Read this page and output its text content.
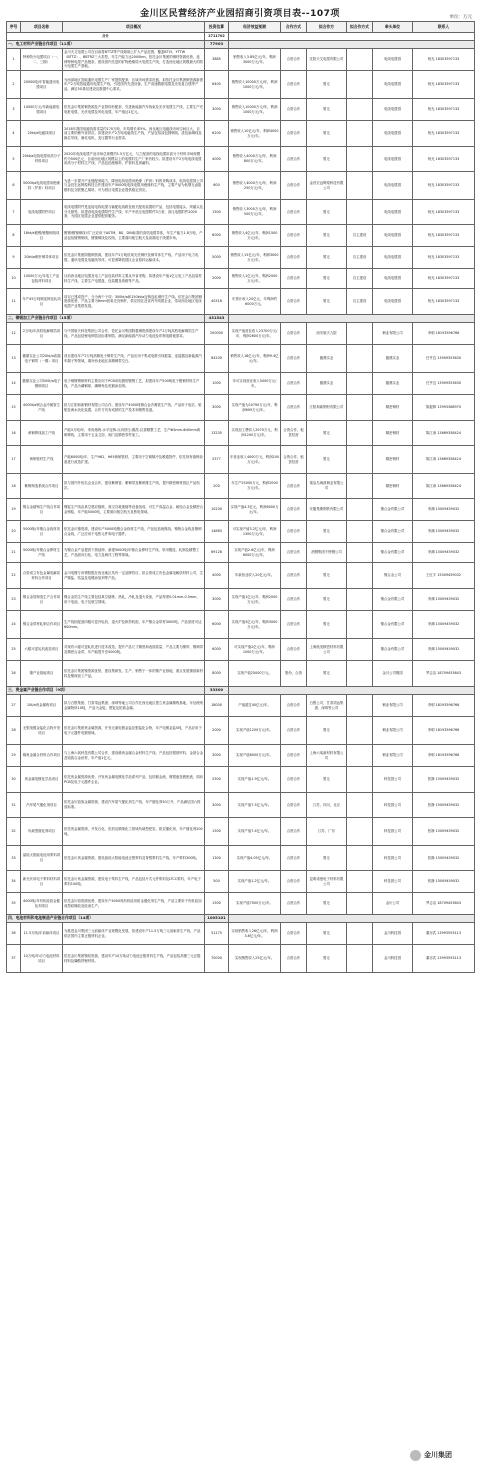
金川区民营经济产业园招商引资项目表--107项	单位：万元
序号	项目名称	项目概况	投资估算	经济效益预测	合作方式	拟合作方	拟合作方式	牵头单位	联系人
合计			2711702						
一、电工材料产业链合作项目（11项）			77903						
1	特种防火电缆项目（一、二、三期）	金川天艾电缆公司在目前将BTTZ等产线基础上扩大产品范围，覆盖BTLY、YTTW（BTTZ）、BBTRZ三大类型，年生产能力达2000km。依托金川集团的铜材资源优势，延伸特种电缆产品链条，建设国内先进的矿物绝缘防火电缆生产线，打造西北地区规模最大的防火电缆生产基地。	3885	销售收入3.85亿元/年，利润3000万元/年。	合资合作	沈阳天艾电缆有限公司		电线电缆园	杨光 18303597133
2	20000吨/年智能通讯电缆项目	为西部地区智能通讯电缆生产厂家提供配套，区域市场需求旺盛，拟依托金川集团铜资源新建年产2万吨智能通讯电缆生产线，引进国内先进设备，生产高速数据电缆及光电复合缆等产品，满足5G基站建设及数据中心需求。	6400	销售收入10000万元/年，利润1000万元/年。	合资合作	暂无		电线电缆园	杨光 18303597133
3	10000万元/年新能源电缆项目	依托金川集团铜资源及产业园现有配套，引进新能源汽车线束及光伏电缆生产线，主要生产充电桩电缆、光伏电缆及风电电缆，年产值达1亿元。	3000	销售收入10000万元/年，利润1000万元/年。	合资合作	暂无		电线电缆园	杨光 18303597133
4	20kt/a电磁线项目	2018年我国电磁线需求量约170万吨，年均增长率5%。西北地区电磁线市场空间巨大，目前主要依赖外省供应。拟建设年产2万吨电磁线生产线，产品包括漆包圆铜线、漆包扁铜线及换位导线，满足电机、变压器等行业需求。	6200	销售收入10亿元/年，利润4000万元/年。	合资合作	暂无		电线电缆园	杨光 18303597133
5	20kt/a电线电缆用高分子材料项目	2020年电线电缆产品市场总规模约1.5万亿元，与之配套的电线电缆用高分子材料市场规模约为500亿元，目前西北地区规模以上的电缆料生产厂家仍较少。拟建设年产2万吨电线电缆用高分子材料生产线，产品包括绝缘料、护套料及屏蔽料。	4000	销售收入4000万元/年，利润800万元/年。	合资合作	暂无		电线电缆园	杨光 18303597133
6	5000t/a电线电缆用绝缘料（护套）料项目	为进一步提升产业链配套能力，降低电线电缆用绝缘（护套）料的采购成本，电线电缆园公司与金昌宏远辉煌科技合作建设年产5000吨电线电缆用绝缘料生产线，主要产品为低烟无卤阻燃料及交联聚乙烯料，可为园区电缆企业提供稳定供应。	600	销售收入4000万元/年，利润250万元/年。	合资合作	金昌宏远辉煌科技有限公司		电线电缆园	杨光 18303597133
7	电线电缆附件项目	电线电缆附件是连接电线电缆与输配电线路及相关配电装置的产品，包括电缆接头、终端头及分支箱等。拟建设电线电缆附件生产线，年产中低压电缆附件3万套，高压电缆附件2000套，为园区电缆企业提供配套服务。	1500	销售收入3000万元/年，利润500万元/年。	合资合作	暂无		电线电缆园	杨光 18303597133
8	18kt/a镀锡/镀镍铜线项目	镀锡/镀镍铜线可广泛应用于ASTM、BS、DIN标准的高档电缆导体，年生产能力1.8万吨，产品包括镀锡铜线、镀镍铜线及绞线，主要面向航空航天及高端电子线缆市场。	6000	销售收入4亿元/年，利润1500万元/年。	合资合作	暂无	自主建设	电线电缆园	杨光 18303597133
9	20kt/a铜杆铜导体项目	依托金川集团阴极铜资源，建设年产2万吨低氧光亮铜杆及铜导体生产线，产品用于电力电缆、通讯电缆及电磁线导体，可显著降低园区企业原料运输成本。	5000	销售收入15亿元/年，利润3000万元/年。	合资合作	暂无	自主建设	电线电缆园	杨光 18303597133
10	10000万元/年电工产品包装材料项目	目前西北地区电缆及电工产品包装材料主要从外省采购，拟建设年产值1亿元电工产品包装材料生产线，主要生产电缆盘、包装膜及纸箱等产品。	2000	销售收入1亿元/年，利润2000万元/年。	合资合作	暂无	自主建设	电线电缆园	杨光 18303597133
11	年产45万吨铜连铸连轧项目	项目已建成投产，分为两个子项：300kt/a和150kt/a连铸连轧铜杆生产线。依托金川集团铜资源优势，产品主要为8mm低氧光亮铜杆，供应园区及省内外线缆企业，带动西北地区电线电缆产业集群发展。	40318	年预计收入20亿元，年利润约6000万元。	合资合作	暂无	自主建设	电线电缆园	杨光 18303597133
二、铜银加工产业链合作项目（15项）			431543						
12	2万吨/年高档电解铜箔项目	与中国航天科技集团公司合作，依托金川集团阴极铜资源建设年产2万吨高档电解铜箔生产线，产品包括锂电铜箔及标准铜箔，满足新能源汽车动力电池及印制电路板需求。	200000	实现产值营业收入23700万元/年，利润2600万元/年。	合资合作	西安航天九院		铜业有限公司	李明 18193596766
13	徽鼎实业公司20kt/a高端电子铜带（一期）项目	项目建设年产2万吨高精电子铜带生产线，产品应用于集成电路引线框架、连接器及新能源汽车端子等领域，填补西北地区高精铜带空白。	84200	销售收入18亿元/年，利润9.4亿元/年。	合资合作	徽鼎实业		徽鼎实业	任亨良 13909353630
14	徽鼎实业公司500t/a电子镀铜项目	电子铜镀锡铜材料主要应用于PCB用电镀的镀锡工艺，拟建设年产500吨电子镀铜材料生产线，产品为磷铜球、磷铜角及电镀添加剂。	1000	年可实现营业收入5000万元/年。	合资合作	徽鼎实业		徽鼎实业	任亨良 13909353630
15	4000t/a铜合金冷凝管生产线	拟与江阳和新钢材有限公司合作，建设年产4000吨铜合金冷凝管生产线，产品用于电站、船舶及海水淡化装置，合作方具有成熟的生产技术和销售渠道。	3000	实现产值为20790万元/年，利润609万元/年。	合资合作	江阳和新钢材有限公司		精密铜材	陈振锋 13993368970
16	黄铜棒线加工产线	产能3万吨/年，采用熔炼-水平连铸-反向挤压-酸洗-拉拔精整工艺，生产Φ5mm-Φ40mm黄铜棒线，主要用于五金卫浴、阀门及精密零件加工。	13235	实现加工费收入2970万元，利润1200万元/年。	合资合作、租赁经营	暂无		精密铜材	陈江涛 13669358424
17	黄铜管材生产线	产能6000吨/年，生产H62、H65黄铜管材，主要用于空调制冷及暖通管件，依托现有熔铸设备进行改造扩建。	2577	年营业收入4000万元，利润200万元/年。	合资合作、租赁经营	暂无		精密铜材	陈江涛 13669358424
18	紫铜制造系统合作项目	拟与国内外知名企业合作，建设紫铜管、紫铜带及紫铜排生产线，提升精密铜材园区产品档次。	200	年生产25000万元，利润2000万元/年。	合资合作	秦皇岛海凯铜业有限公司		精密铜材	陈江涛 13669358424
19	镍合金熔铸生产线合作项目	镍锭生产线由真空感应熔炼、真空自耗重熔等设备组成，可生产高温合金、耐蚀合金及精密合金铸锭，年产能5000吨，主要面向航空航天及核电领域。	10200	实现产值4.3亿元，利润6000万元/年。	合资合作	安徽集斯钢铁有限公司		镍合金有限公司	李渊 15009459032
20	5000吨/年镍合金线材项目	依托金川镍资源，建设年产5000吨镍合金线材生产线，产品包括纯镍线、镍铬合金线及镍铜合金线，广泛应用于电热元件和电子器件。	14883	可实现产值3.2亿元/年，利润1300万元/年。	合资合作	暂无		镍合金有限公司	李渊 15009459032
21	5000吨/年镍合金棒材生产线	为镍合金产品提供下游延伸，新建5000吨/年镍合金棒材生产线，采用锻造、轧制及精整工艺，产品面向石化、电力及海洋工程等领域。	69128	实现产值2.6亿元/年，利润6000万元/年。	合资合作	酒钢集团不锈钢公司		镍合金有限公司	李渊 15009459032
22	合资成立有色金属电解质材料合作项目	金川电镀专用锡阳极在西北地区具有一定品牌效应，拟合资成立有色金属电解质材料公司，生产镍盐、钴盐及电镀添加剂等产品。	4000	年新营业收入20亿元/年。	合资合作	暂无		镍合金公司	王红宇 15009459032
23	镍合金箔制造生产合作项目	镍合金箔生产线主要包括真空熔炼、热轧、冷轧及退火设备，产品厚度0.01mm-0.5mm，用于电池、电子及航空领域。	3000	实现产值1亿元/年，利润2000万元/年。	合资合作	暂无		镍合金有限公司	李渊 15009459032
24	镍合金带材轧制合作项目	生产线拟配备四辊可逆冷轧机、退火炉及纵剪机组，年产镍合金带材3000吨，产品宽度可达600mm。	6000	实现产值3亿元/年，利润3000万元/年。	合资合作	暂无		镍合金有限公司	李渊 15009459032
25	六辊可逆轧机改造项目	对现有六辊可逆轧机进行技术改造，提升产品尺寸精度和表面质量，产品主要为镍带、镍铜带及精密合金带，年产能提升至5000吨。	6000	可实现产值2亿元/年，利润1000万元/年。	合资合作	上海航发精密材料有限公司		镍合金有限公司	李渊 15009459032
26	镍产业基地项目	依托金川集团镍资源优势，建设集研发、生产、销售于一体的镍产业基地，重点发展镍基新材料及镍深加工产品。	8000	实现产值25000万元。	股份、合资	暂无		金川公司镍园	罗志洁 18709453643
三、贵金属产业链合作项目（9项）			33300						
27	10t/a贵金属炼项目	拟与白银集团、甘肃靖远集团、深圳等地公司合作在西北地区建立贵金属精炼基地，年处理贵金属物料10吨，产品为金锭、银锭及铂族金属。	18000	产值超过40亿元/年。	合资合作	白银公司、甘肃靖远集团、深圳等公司		铜业有限公司	李明 18193596766
28	无银电镀金盐化合物开发项目	依托金川集团贵金属资源，开发无氰电镀金盐及银盐化合物，年产电镀金盐5吨，产品应用于电子元器件电镀领域。	2000	实现产值1200万元/年。	合资合作	暂无		铜业有限公司	李明 18193596766
29	稀贵金属合材料合作项目	与上海六氧科技有限公司合作，建设稀贵金属合金材料生产线，产品包括银基钎料、金基合金及铂族合金丝材，年产值1亿元。	3000	实现产值6000万元/年。	合资合作	上海六氧新材料有限公司		铜业有限公司	李明 18193596766
30	贵金属电镀化学品项目	依托贵金属资源优势，开发贵金属电镀化学品系列产品，包括镀金液、镀银液及镀钯液，面向PCB及电子元器件企业。	2500	实现产值1.9亿元/年。	合资合作	暂无		科技园公司	张静 15009459032
31	汽车尾气催化剂项目	依托金川铂族金属资源，建设汽车尾气催化剂生产线，年产催化剂50万升，产品满足国六排放标准。	3000	实现产值7.5亿元/年。	合资合作	江苏、四川、北京		科技园公司	张静 15009459032
32	负载型催化剂项目	依托贵金属资源，开发石化、医药及精细化工领域负载型钯炭、铂炭催化剂，年产催化剂200吨。	1500	实现产值7.4亿元/年。	合资合作	江苏、广东		科技园公司	张静 15009459032
33	晶硅太阳能电池用浆料项目	依托金川贵金属资源，建设晶硅太阳能电池正银浆料及背银浆料生产线，年产浆料300吨。	1300	实现产值4.05亿元/年。	合资合作	暂无		科技园公司	张静 15009459032
34	新光伏用电子浆料材料项目	依托金川贵金属资源，建设电子浆料生产线，产品包括片式元件浆料及LTCC浆料，年产电子浆料100吨。	500	实现产值1.2亿元/年。	合资合作	昆明诺曼电子材料有限公司		科技园公司	张静 15009459032
35	4000吨/年有机硅铂金催化剂项目	依托金川铂资源优势，建设年产4000吨有机硅用铂金催化剂生产线，产品主要用于有机硅加成型硅橡胶及硅油生产。	1500	实现产值7000万元/年。	合资合作	暂无		金川公司	罗志洁 18709453643
四、电池材料和电池制造产业链合作项目（14项）			1005101						
36	11.5万吨/年前驱体项目	为推进金川集团三元前驱体产业规模化发展，拟建设年产11.5万吨三元前驱体生产线，产品供应国内主要正极材料企业。	51175	实现销售收入26亿元/年，利润3.6亿元/年。	合资合作	暂无		金川科技园	董亦武 13993593113
37	10万吨/年动力电池材料项目	依托金川集团镍钴资源，建设年产10万吨动力电池正极材料生产线，产品包括高镍三元正极材料及磷酸铁锂材料。	70000	实现销售收入25亿元/年。	合资合作	暂无		金川科技园	董亦武 13993593113
金川集团
